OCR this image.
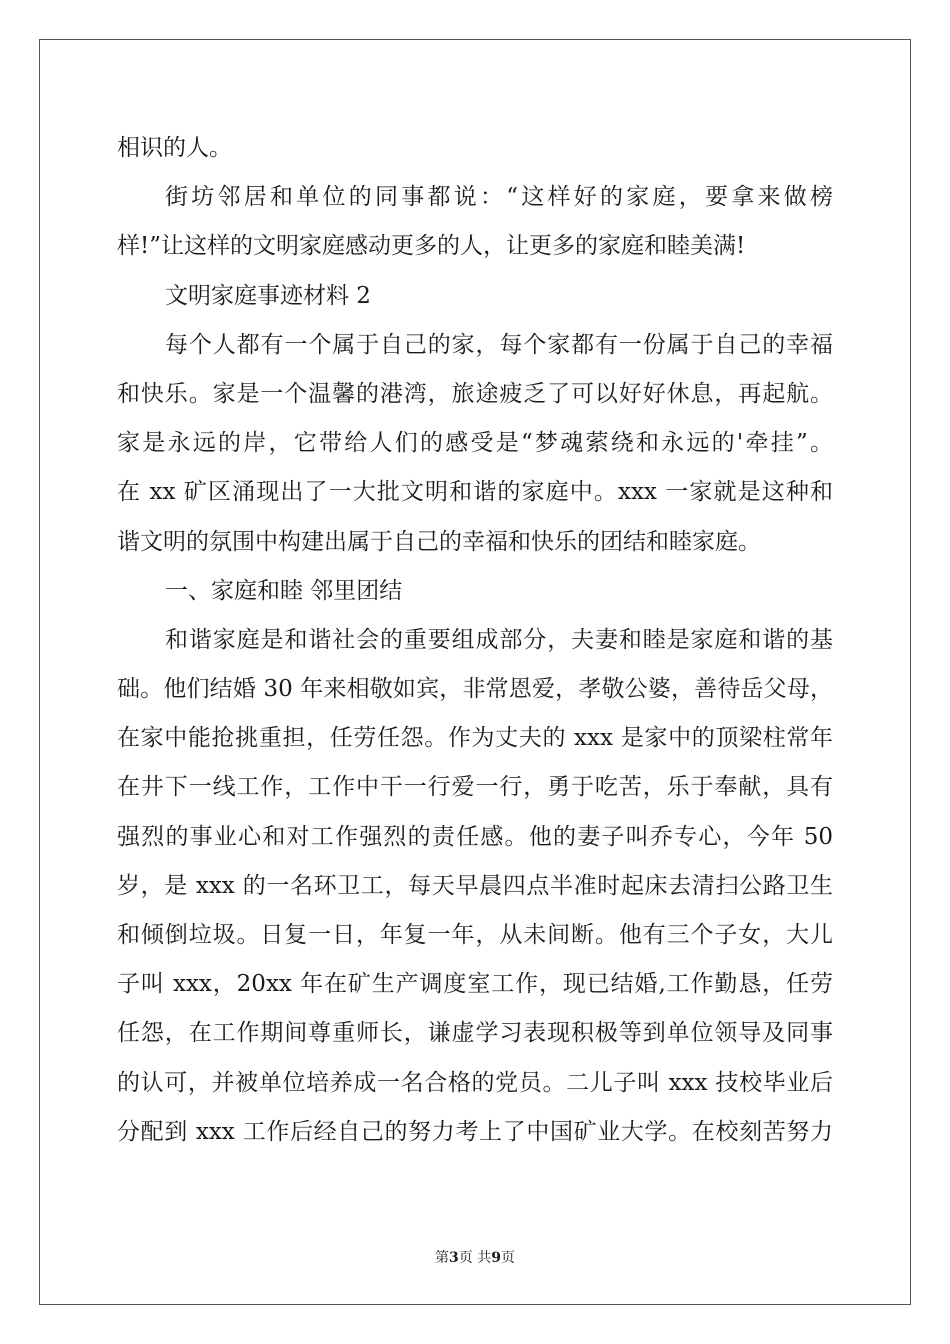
相识的人。
街坊邻居和单位的同事都说：“这样好的家庭，要拿来做榜
样!”让这样的文明家庭感动更多的人，让更多的家庭和睦美满!
文明家庭事迹材料 2
每个人都有一个属于自己的家，每个家都有一份属于自己的幸福
和快乐。家是一个温馨的港湾，旅途疲乏了可以好好休息，再起航。
家是永远的岸，它带给人们的感受是“梦魂萦绕和永远的'牵挂”。
在 xx 矿区涌现出了一大批文明和谐的家庭中。xxx 一家就是这种和
谐文明的氛围中构建出属于自己的幸福和快乐的团结和睦家庭。
一、家庭和睦 邻里团结
和谐家庭是和谐社会的重要组成部分，夫妻和睦是家庭和谐的基
础。他们结婚 30 年来相敬如宾，非常恩爱，孝敬公婆，善待岳父母，
在家中能抢挑重担，任劳任怨。作为丈夫的 xxx 是家中的顶梁柱常年
在井下一线工作，工作中干一行爱一行，勇于吃苦，乐于奉献，具有
强烈的事业心和对工作强烈的责任感。他的妻子叫乔专心，今年 50
岁，是 xxx 的一名环卫工，每天早晨四点半准时起床去清扫公路卫生
和倾倒垃圾。日复一日，年复一年，从未间断。他有三个子女，大儿
子叫 xxx，20xx 年在矿生产调度室工作，现已结婚,工作勤恳，任劳
任怨，在工作期间尊重师长，谦虚学习表现积极等到单位领导及同事
的认可，并被单位培养成一名合格的党员。二儿子叫 xxx 技校毕业后
分配到 xxx 工作后经自己的努力考上了中国矿业大学。在校刻苦努力
第3页 共9页
